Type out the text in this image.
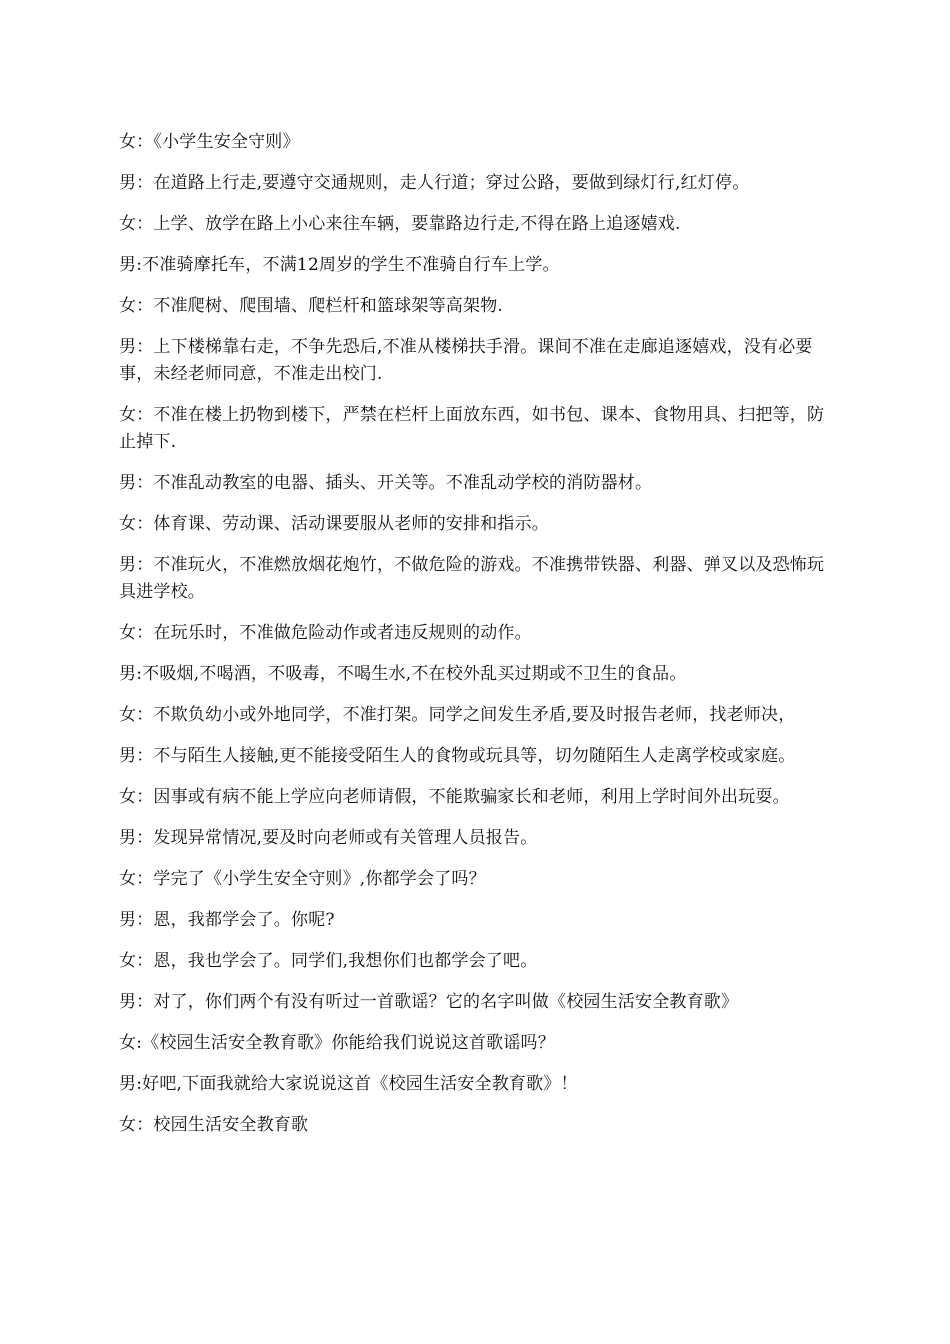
女：《小学生安全守则》

男：在道路上行走,要遵守交通规则，走人行道；穿过公路，要做到绿灯行,红灯停。

女：上学、放学在路上小心来往车辆，要靠路边行走,不得在路上追逐嬉戏.

男:不准骑摩托车，不满12周岁的学生不准骑自行车上学。

女：不准爬树、爬围墙、爬栏杆和篮球架等高架物.

男：上下楼梯靠右走，不争先恐后,不准从楼梯扶手滑。课间不准在走廊追逐嬉戏，没有必要事，未经老师同意，不准走出校门.

女：不准在楼上扔物到楼下，严禁在栏杆上面放东西，如书包、课本、食物用具、扫把等，防止掉下.

男：不准乱动教室的电器、插头、开关等。不准乱动学校的消防器材。

女：体育课、劳动课、活动课要服从老师的安排和指示。

男：不准玩火，不准燃放烟花炮竹，不做危险的游戏。不准携带铁器、利器、弹叉以及恐怖玩具进学校。

女：在玩乐时，不准做危险动作或者违反规则的动作。

男:不吸烟,不喝酒，不吸毒，不喝生水,不在校外乱买过期或不卫生的食品。

女：不欺负幼小或外地同学，不准打架。同学之间发生矛盾,要及时报告老师，找老师决，

男：不与陌生人接触,更不能接受陌生人的食物或玩具等，切勿随陌生人走离学校或家庭。

女：因事或有病不能上学应向老师请假，不能欺骗家长和老师，利用上学时间外出玩耍。

男：发现异常情况,要及时向老师或有关管理人员报告。

女：学完了《小学生安全守则》,你都学会了吗？

男：恩，我都学会了。你呢?

女：恩，我也学会了。同学们,我想你们也都学会了吧。

男：对了，你们两个有没有听过一首歌谣？它的名字叫做《校园生活安全教育歌》

女:《校园生活安全教育歌》你能给我们说说这首歌谣吗？

男:好吧,下面我就给大家说说这首《校园生活安全教育歌》！

女：校园生活安全教育歌
